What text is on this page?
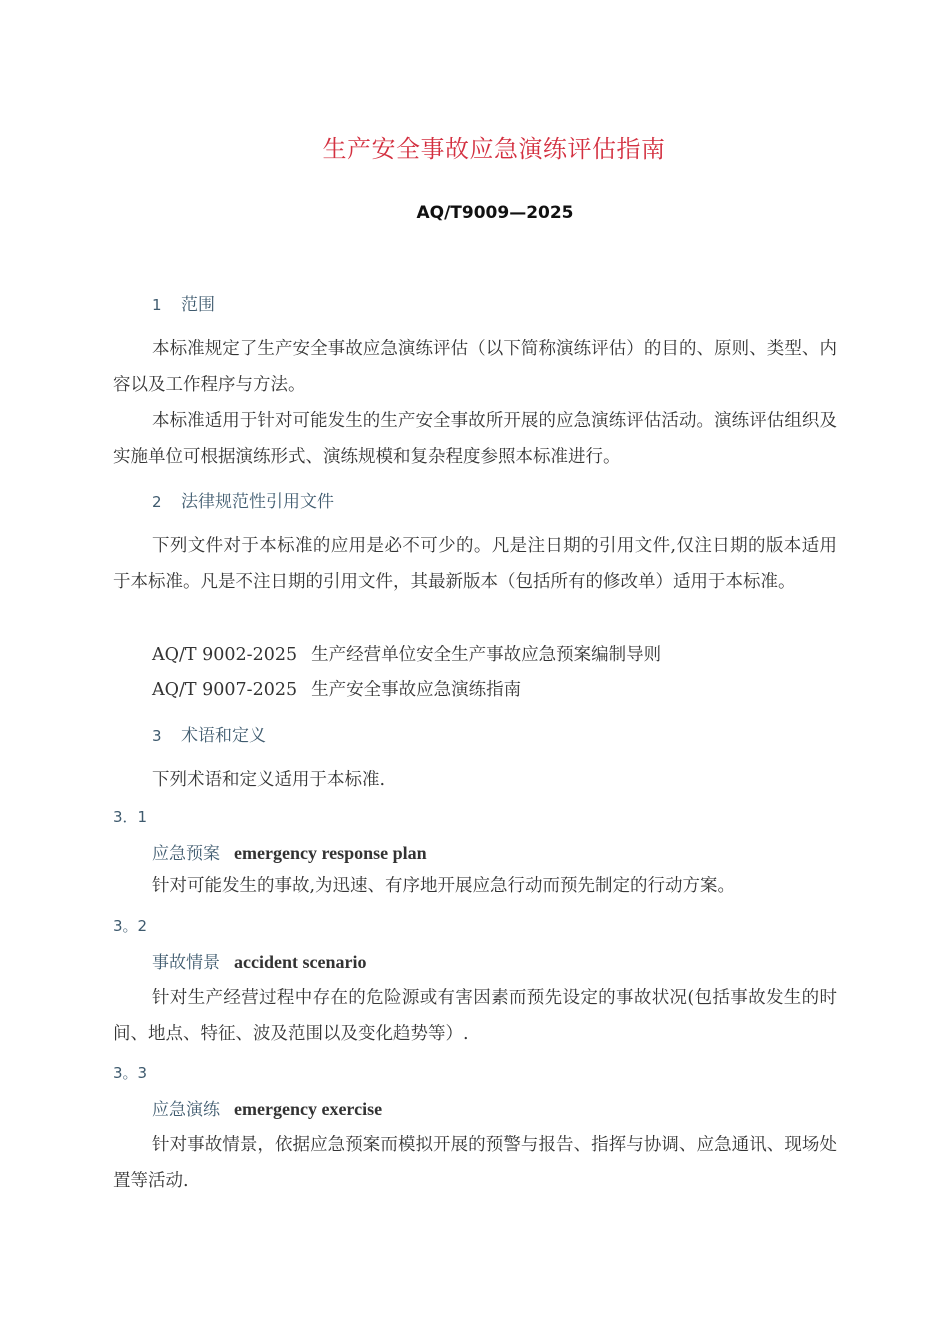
生产安全事故应急演练评估指南
AQ/T9009—2025
1 范围

本标准规定了生产安全事故应急演练评估（以下简称演练评估）的目的、原则、类型、内容以及工作程序与方法。

本标准适用于针对可能发生的生产安全事故所开展的应急演练评估活动。演练评估组织及实施单位可根据演练形式、演练规模和复杂程度参照本标准进行。

2 法律规范性引用文件

下列文件对于本标准的应用是必不可少的。凡是注日期的引用文件,仅注日期的版本适用于本标准。凡是不注日期的引用文件，其最新版本（包括所有的修改单）适用于本标准。

AQ/T 9002-2025 生产经营单位安全生产事故应急预案编制导则
AQ/T 9007-2025 生产安全事故应急演练指南
3 术语和定义
下列术语和定义适用于本标准.
3．1
应急预案 emergency response plan

针对可能发生的事故,为迅速、有序地开展应急行动而预先制定的行动方案。

3。2
事故情景 accident scenario

针对生产经营过程中存在的危险源或有害因素而预先设定的事故状况(包括事故发生的时间、地点、特征、波及范围以及变化趋势等）.

3。3
应急演练 emergency exercise

针对事故情景，依据应急预案而模拟开展的预警与报告、指挥与协调、应急通讯、现场处置等活动.
